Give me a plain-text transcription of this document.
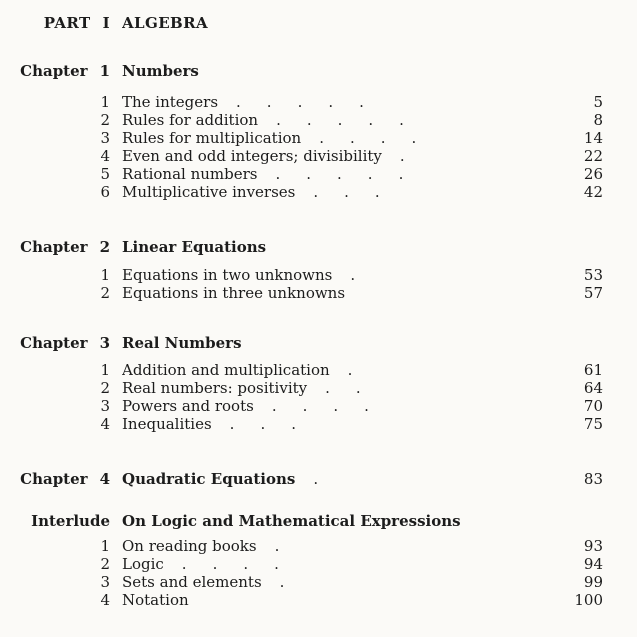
PART I ALGEBRA
Chapter 1 Numbers
1 The integers .....	5
2 Rules for addition .....	8
3 Rules for multiplication ....	14
4 Even and odd integers; divisibility .	22
5 Rational numbers .....	26
6 Multiplicative inverses ...	42
Chapter 2 Linear Equations
1 Equations in two unknowns .	53
2 Equations in three unknowns	57
Chapter 3 Real Numbers
1 Addition and multiplication .	61
2 Real numbers: positivity ..	64
3 Powers and roots ....	70
4 Inequalities ...	75
Chapter 4 Quadratic Equations .	83
Interlude On Logic and Mathematical Expressions
1 On reading books .	93
2 Logic ....	94
3 Sets and elements .	99
4 Notation	100
